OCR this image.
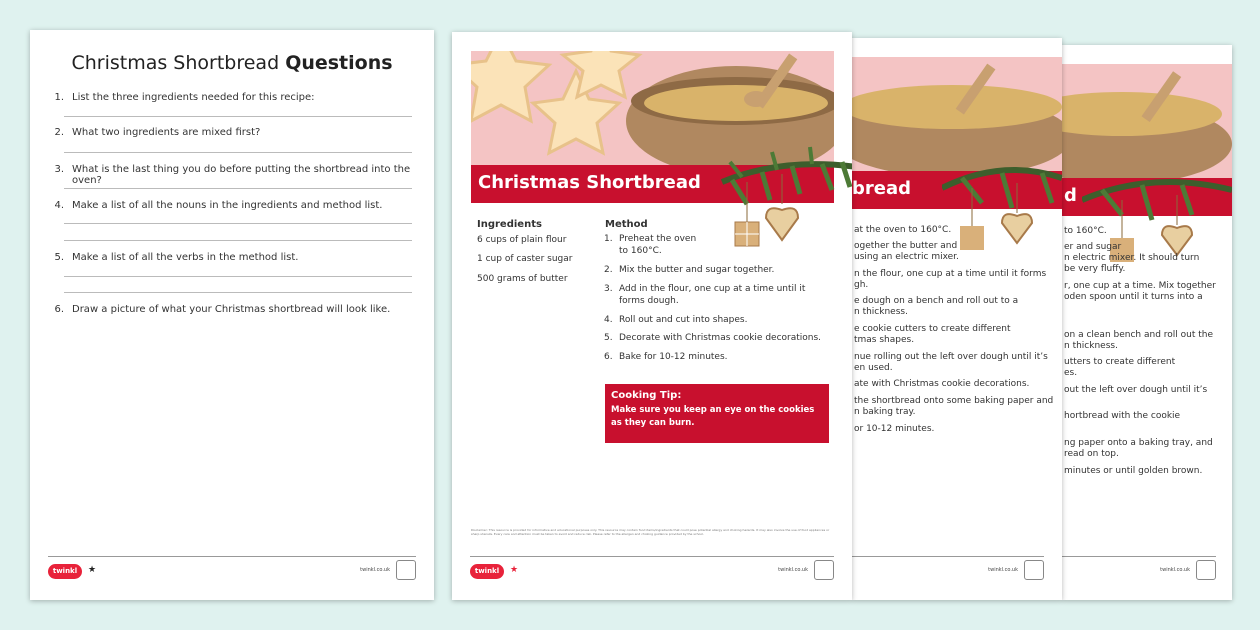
d
to 160°C.
er and sugar
n electric mixer. It should turn
be very fluffy.
r, one cup at a time. Mix together
oden spoon until it turns into a
on a clean bench and roll out the
n thickness.
utters to create different
es.
out the left over dough until it’s
hortbread with the cookie
ng paper onto a baking tray, and
read on top.
minutes or until golden brown.
twinkl.co.uk
bread
at the oven to 160°C.
ogether the butter and
using an electric mixer.
n the flour, one cup at a time until it forms
gh.
e dough on a bench and roll out to a
n thickness.
e cookie cutters to create different
tmas shapes.
nue rolling out the left over dough until it’s
en used.
ate with Christmas cookie decorations.
the shortbread onto some baking paper and
n baking tray.
or 10-12 minutes.
twinkl.co.uk
Christmas Shortbread Questions
1. List the three ingredients needed for this recipe:
2. What two ingredients are mixed first?
3. What is the last thing you do before putting the shortbread into the oven?
4. Make a list of all the nouns in the ingredients and method list.
5. Make a list of all the verbs in the method list.
6. Draw a picture of what your Christmas shortbread will look like.
twinkl	★	twinkl.co.uk
Christmas Shortbread
Ingredients
6 cups of plain flour
1 cup of caster sugar
500 grams of butter
Method
1. Preheat the oven
to 160°C.
2. Mix the butter and sugar together.
3. Add in the flour, one cup at a time until it
forms dough.
4. Roll out and cut into shapes.
5. Decorate with Christmas cookie decorations.
6. Bake for 10-12 minutes.
Cooking Tip:
Make sure you keep an eye on the cookies as they can burn.
Disclaimer: This resource is provided for informative and educational purposes only. This resource may contain food items/ingredients that could pose potential allergy and choking hazards. It may also involve the use of food appliances or sharp utensils. Every care and attention must be taken to avoid and reduce risk. Please refer to the allergen and choking guidance provided by the school.
twinkl	★	twinkl.co.uk
